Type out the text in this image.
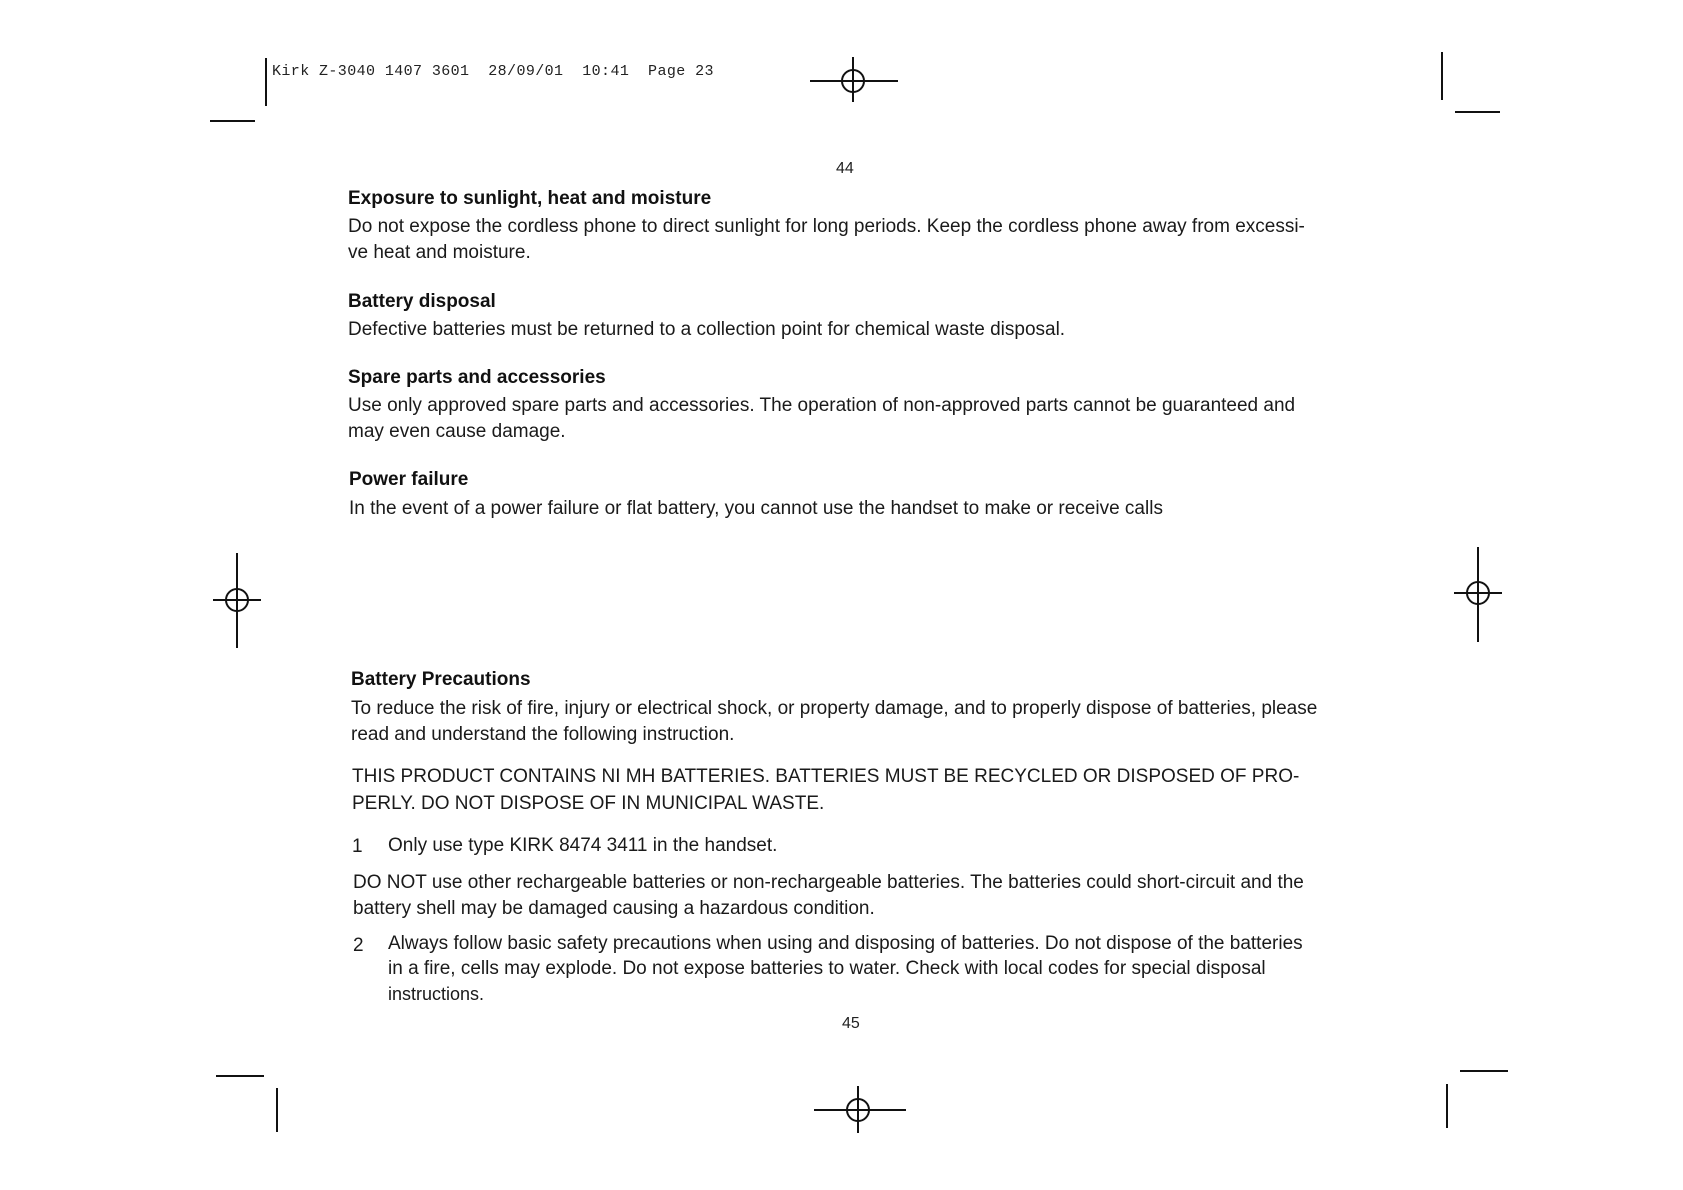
Kirk Z-3040 1407 3601  28/09/01  10:41  Page 23
44
Exposure to sunlight, heat and moisture
Do not expose the cordless phone to direct sunlight for long periods. Keep the cordless phone away from excessi-
ve heat and moisture.
Battery disposal
Defective batteries must be returned to a collection point for chemical waste disposal.
Spare parts and accessories
Use only approved spare parts and accessories. The operation of non-approved parts cannot be guaranteed and
may even cause damage.
Power failure
In the event of a power failure or flat battery, you cannot use the handset to make or receive calls
Battery Precautions
To reduce the risk of fire, injury or electrical shock, or property damage, and to properly dispose of batteries, please
read and understand the following instruction.
THIS PRODUCT CONTAINS NI MH BATTERIES. BATTERIES MUST BE RECYCLED OR DISPOSED OF PRO-
PERLY. DO NOT DISPOSE OF IN MUNICIPAL WASTE.
1 Only use type KIRK 8474 3411 in the handset.
DO NOT use other rechargeable batteries or non-rechargeable batteries. The batteries could short-circuit and the
battery shell may be damaged causing a hazardous condition.
2 Always follow basic safety precautions when using and disposing of batteries. Do not dispose of the batteries
in a fire, cells may explode. Do not expose batteries to water. Check with local codes for special disposal
instructions.
45
